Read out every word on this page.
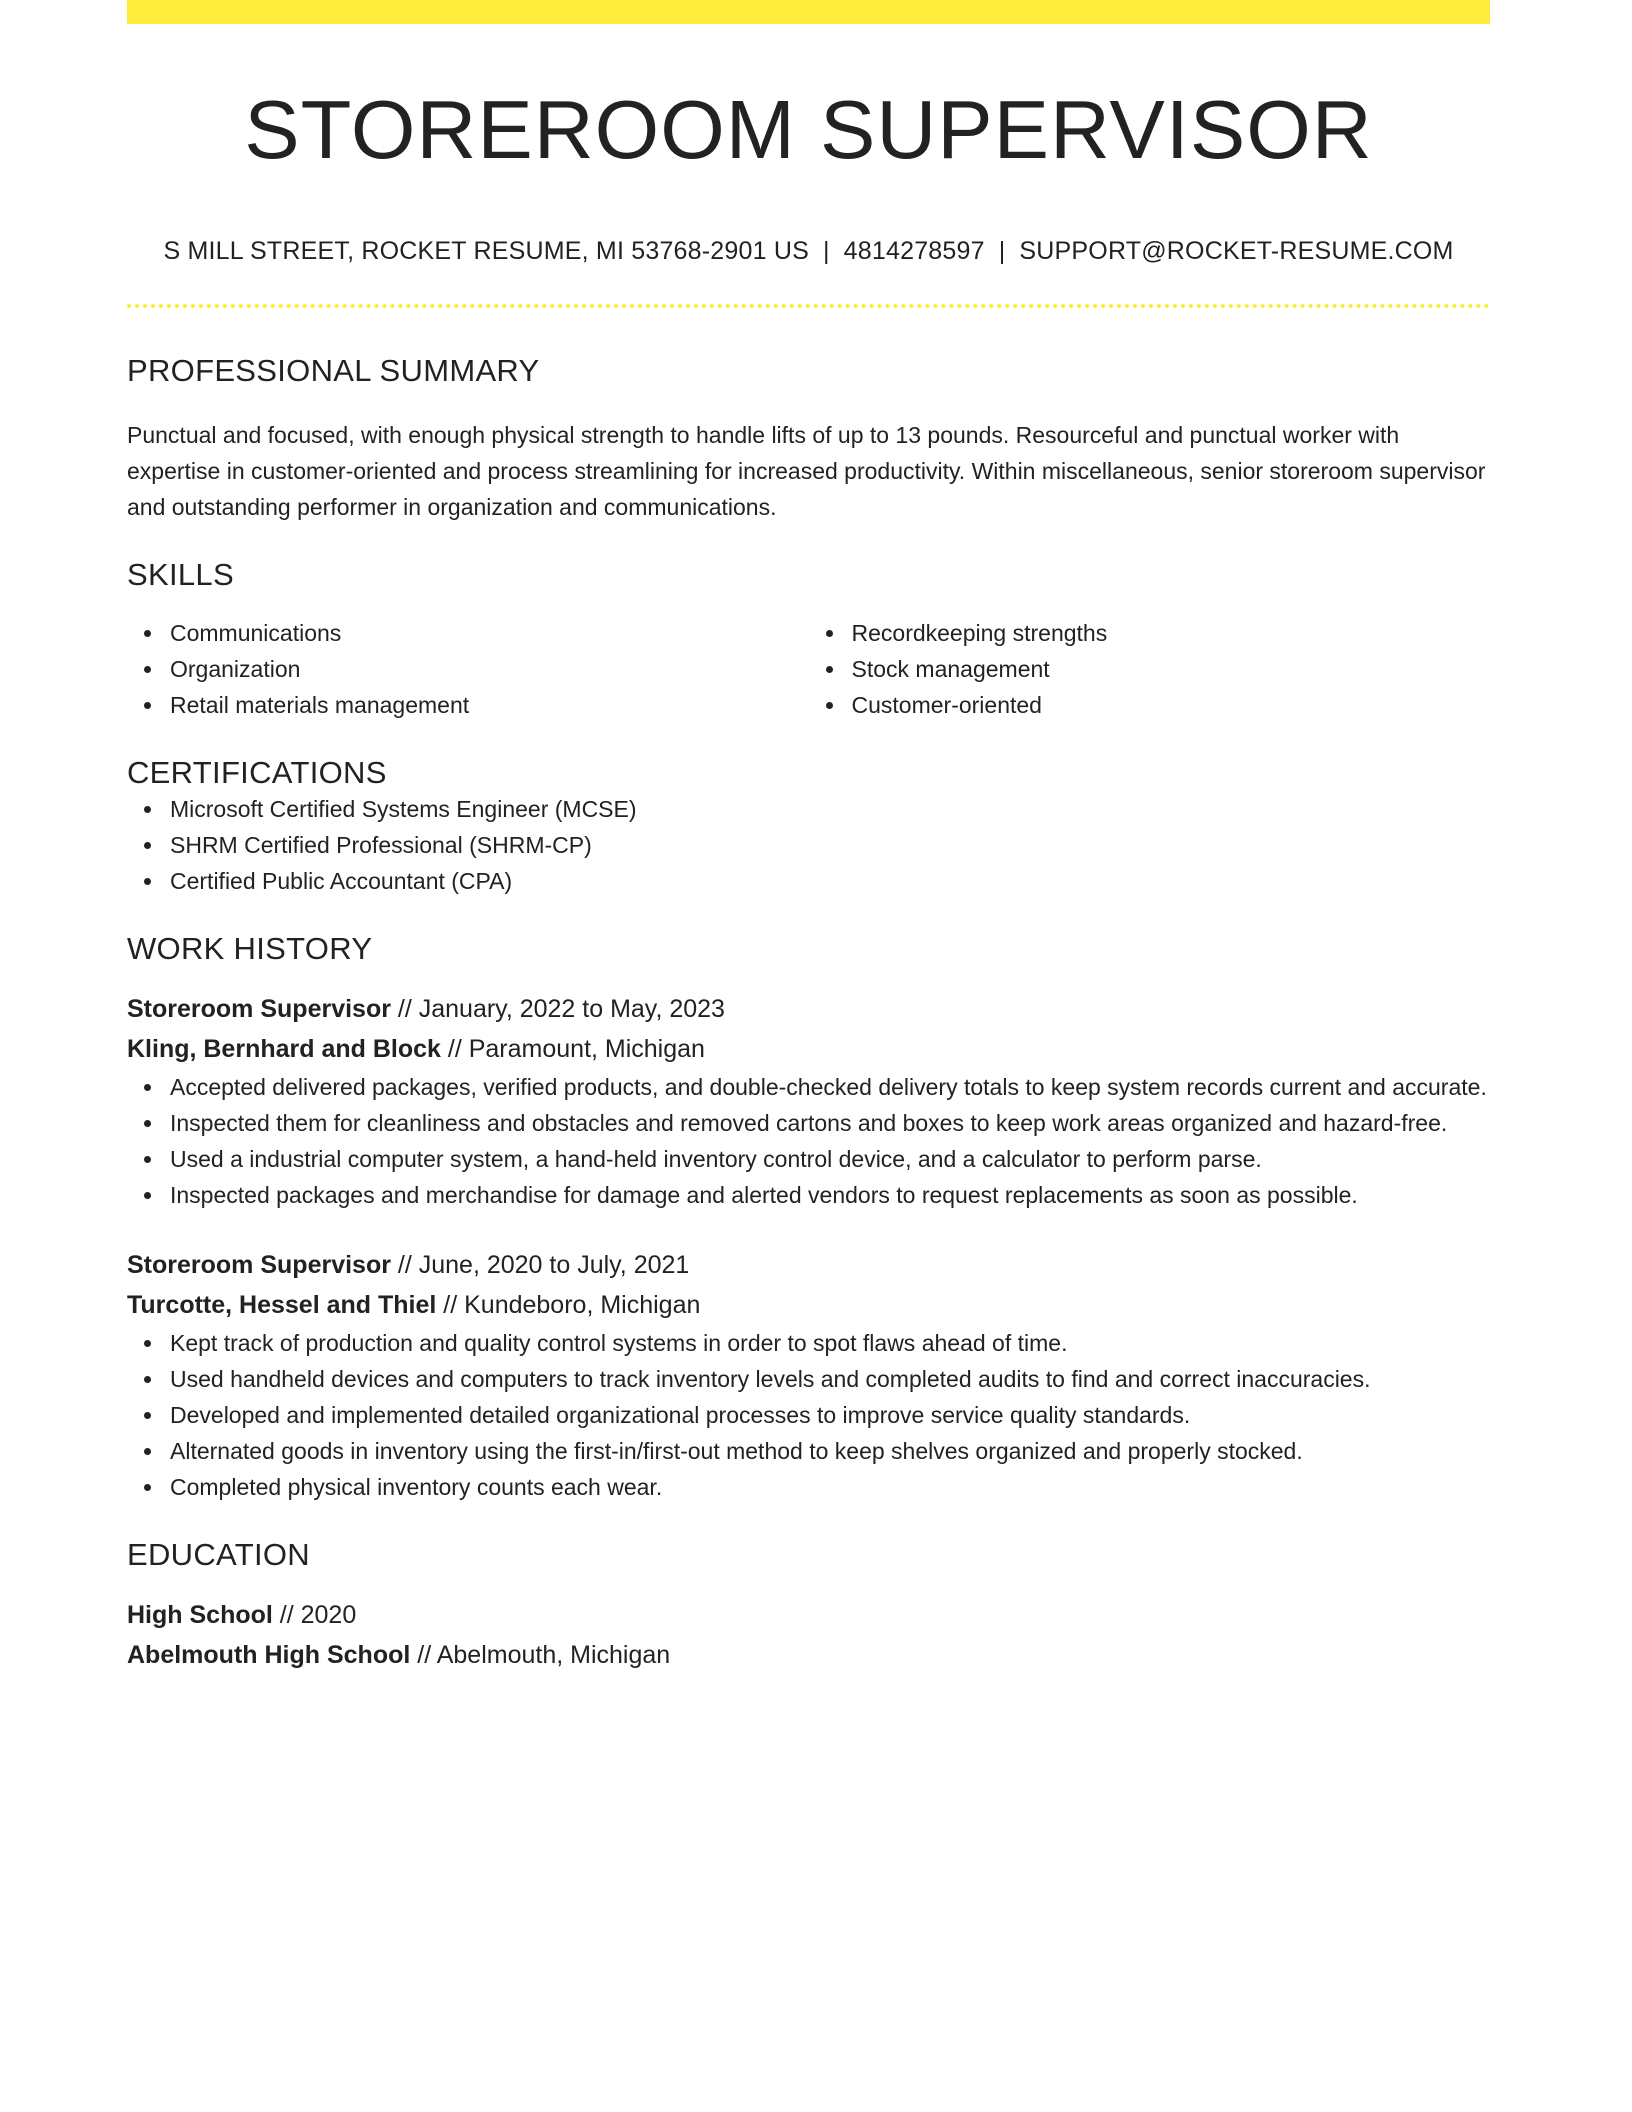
STOREROOM SUPERVISOR
S MILL STREET, ROCKET RESUME, MI 53768-2901 US | 4814278597 | SUPPORT@ROCKET-RESUME.COM
PROFESSIONAL SUMMARY
Punctual and focused, with enough physical strength to handle lifts of up to 13 pounds. Resourceful and punctual worker with expertise in customer-oriented and process streamlining for increased productivity. Within miscellaneous, senior storeroom supervisor and outstanding performer in organization and communications.
SKILLS
Communications
Organization
Retail materials management
Recordkeeping strengths
Stock management
Customer-oriented
CERTIFICATIONS
Microsoft Certified Systems Engineer (MCSE)
SHRM Certified Professional (SHRM-CP)
Certified Public Accountant (CPA)
WORK HISTORY
Storeroom Supervisor // January, 2022 to May, 2023
Kling, Bernhard and Block // Paramount, Michigan
Accepted delivered packages, verified products, and double-checked delivery totals to keep system records current and accurate.
Inspected them for cleanliness and obstacles and removed cartons and boxes to keep work areas organized and hazard-free.
Used a industrial computer system, a hand-held inventory control device, and a calculator to perform parse.
Inspected packages and merchandise for damage and alerted vendors to request replacements as soon as possible.
Storeroom Supervisor // June, 2020 to July, 2021
Turcotte, Hessel and Thiel // Kundeboro, Michigan
Kept track of production and quality control systems in order to spot flaws ahead of time.
Used handheld devices and computers to track inventory levels and completed audits to find and correct inaccuracies.
Developed and implemented detailed organizational processes to improve service quality standards.
Alternated goods in inventory using the first-in/first-out method to keep shelves organized and properly stocked.
Completed physical inventory counts each wear.
EDUCATION
High School // 2020
Abelmouth High School // Abelmouth, Michigan
